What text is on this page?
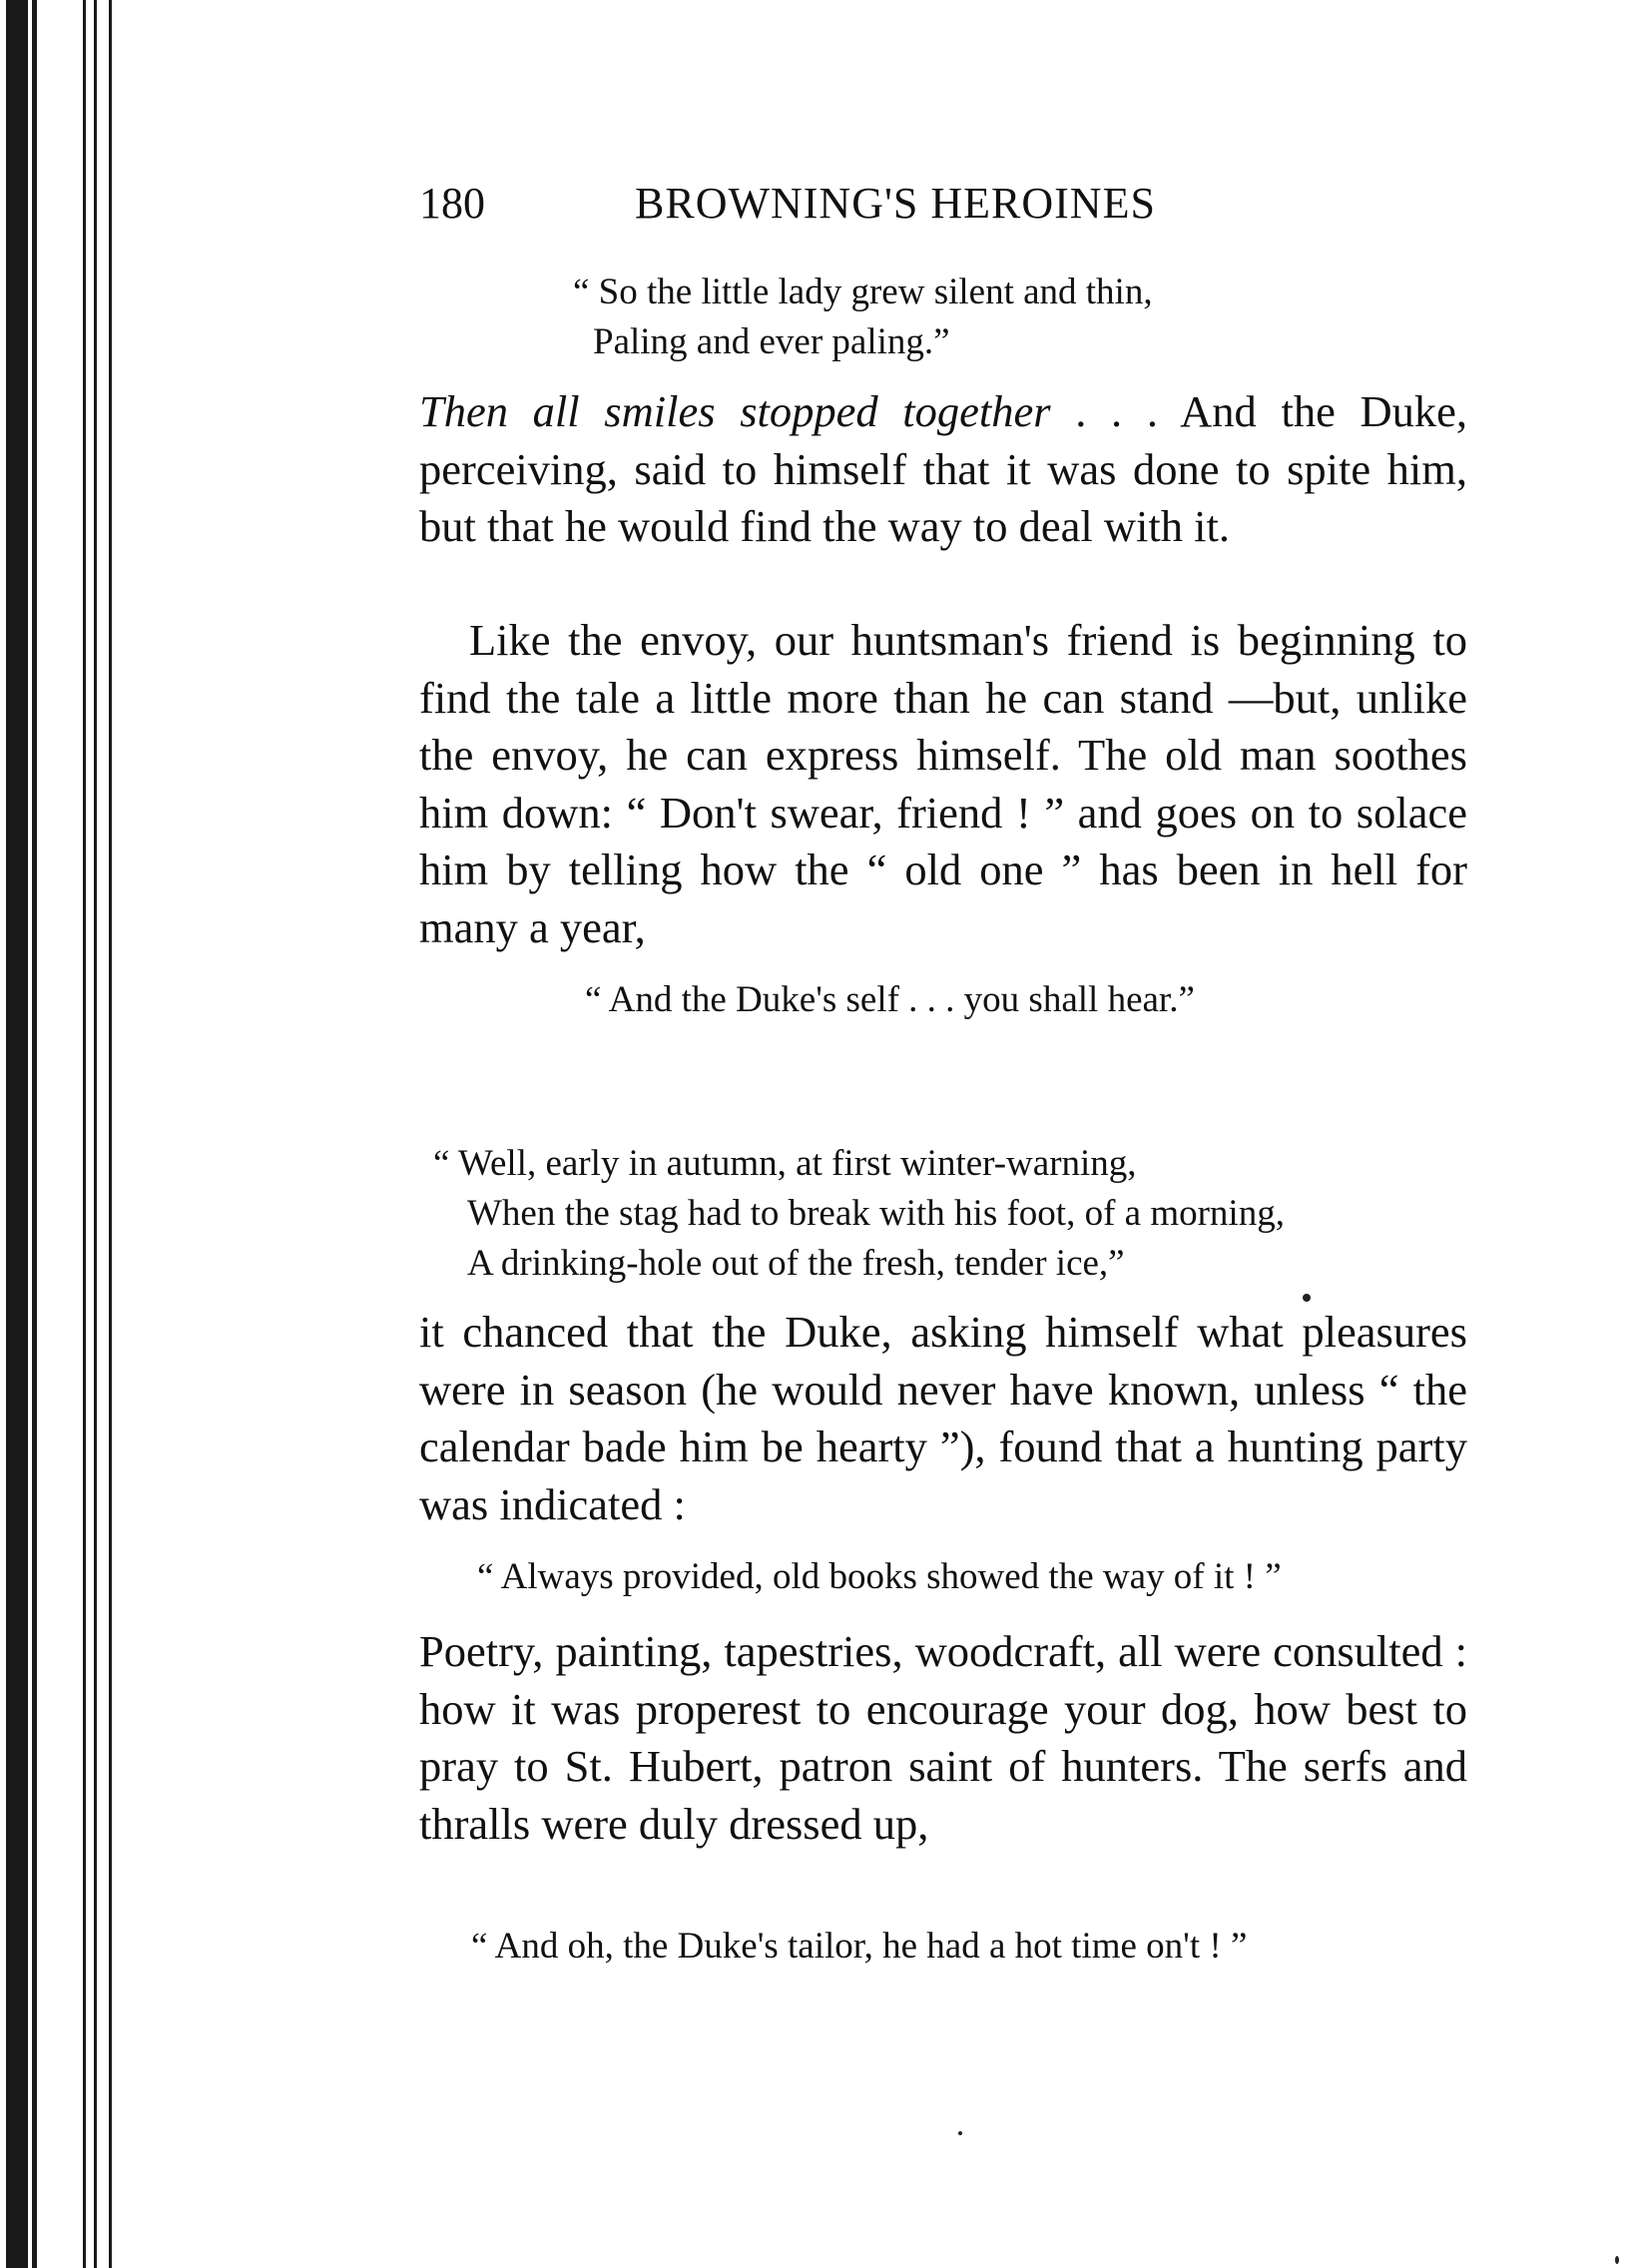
180	BROWNING'S HEROINES
“ So the little lady grew silent and thin,
Paling and ever paling.”

Then all smiles stopped together . . . And the Duke, perceiving, said to himself that it was done to spite him, but that he would find the way to deal with it.

Like the envoy, our huntsman's friend is beginning to find the tale a little more than he can stand —but, unlike the envoy, he can express himself. The old man soothes him down: “ Don't swear, friend ! ” and goes on to solace him by telling how the “ old one ” has been in hell for many a year,

“ And the Duke's self . . . you shall hear.”
“ Well, early in autumn, at first winter-warning,
When the stag had to break with his foot, of a morning,
A drinking-hole out of the fresh, tender ice,”

it chanced that the Duke, asking himself what pleasures were in season (he would never have known, unless “ the calendar bade him be hearty ”), found that a hunting party was indicated :

“ Always provided, old books showed the way of it ! ”

Poetry, painting, tapestries, woodcraft, all were consulted : how it was properest to encourage your dog, how best to pray to St. Hubert, patron saint of hunters. The serfs and thralls were duly dressed up,

“ And oh, the Duke's tailor, he had a hot time on't ! ”
